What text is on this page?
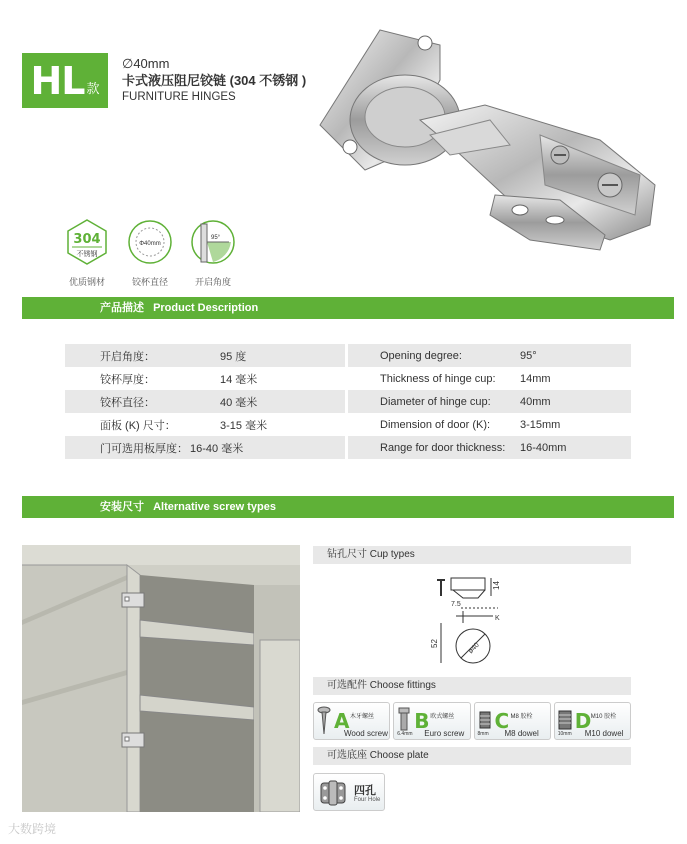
HL 款
∅40mm
卡式液压阻尼铰链 (304 不锈钢 )
FURNITURE HINGES
304
不锈钢
优质钢材
Φ40mm
铰杯直径
95°
开启角度
产品描述 Product Description
开启角度：	95 度	Opening degree:	95°
铰杯厚度：	14 毫米	Thickness of hinge cup: 14mm
铰杯直径：	40 毫米	Diameter of hinge cup:	40mm
面板 (K) 尺寸：	3-15 毫米	Dimension of door (K):	3-15mm
门可选用板厚度： 16-40 毫米	Range for door thickness: 16-40mm
安装尺寸 Alternative screw types
钻孔尺寸 Cup types
14
7.5
K
ø40
52
可选配件 Choose fittings
A 木牙螺丝
Wood screw
B 欧式螺丝
Euro screw
6.4mm
C M8 胶栓
M8 dowel
8mm
D M10 胶栓
M10 dowel
10mm
可选底座 Choose plate
四孔
Four Hole
大数跨境
